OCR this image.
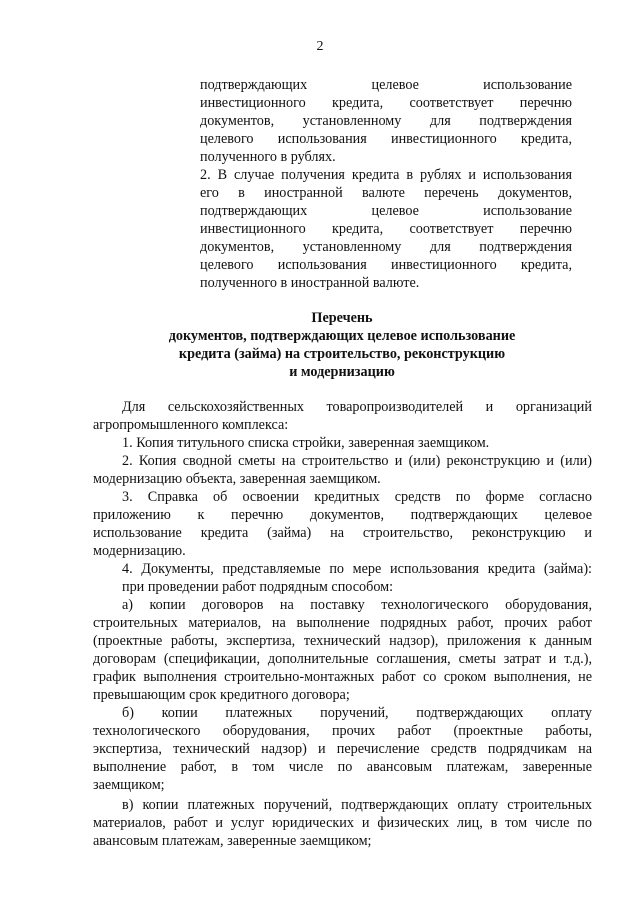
2

подтверждающих целевое использование

инвестиционного кредита, соответствует перечню

документов, установленному для подтверждения

целевого использования инвестиционного кредита,

полученного в рублях.

2. В случае получения кредита в рублях и использования

его в иностранной валюте перечень документов,

подтверждающих целевое использование

инвестиционного кредита, соответствует перечню

документов, установленному для подтверждения

целевого использования инвестиционного кредита,

полученного в иностранной валюте.

Перечень

документов, подтверждающих целевое использование

кредита (займа) на строительство, реконструкцию

и модернизацию

Для сельскохозяйственных товаропроизводителей и организаций

агропромышленного комплекса:

1. Копия титульного списка стройки, заверенная заемщиком.

2. Копия сводной сметы на строительство и (или) реконструкцию и (или)

модернизацию объекта, заверенная заемщиком.

3. Справка об освоении кредитных средств по форме согласно

приложению к перечню документов, подтверждающих целевое

использование кредита (займа) на строительство, реконструкцию и

модернизацию.

4. Документы, представляемые по мере использования кредита (займа):

при проведении работ подрядным способом:

а) копии договоров на поставку технологического оборудования,

строительных материалов, на выполнение подрядных работ, прочих работ

(проектные работы, экспертиза, технический надзор), приложения к данным

договорам (спецификации, дополнительные соглашения, сметы затрат и т.д.),

график выполнения строительно-монтажных работ со сроком выполнения, не

превышающим срок кредитного договора;

б) копии платежных поручений, подтверждающих оплату

технологического оборудования, прочих работ (проектные работы,

экспертиза, технический надзор) и перечисление средств подрядчикам на

выполнение работ, в том числе по авансовым платежам, заверенные

заемщиком;

в) копии платежных поручений, подтверждающих оплату строительных

материалов, работ и услуг юридических и физических лиц, в том числе по

авансовым платежам, заверенные заемщиком;
